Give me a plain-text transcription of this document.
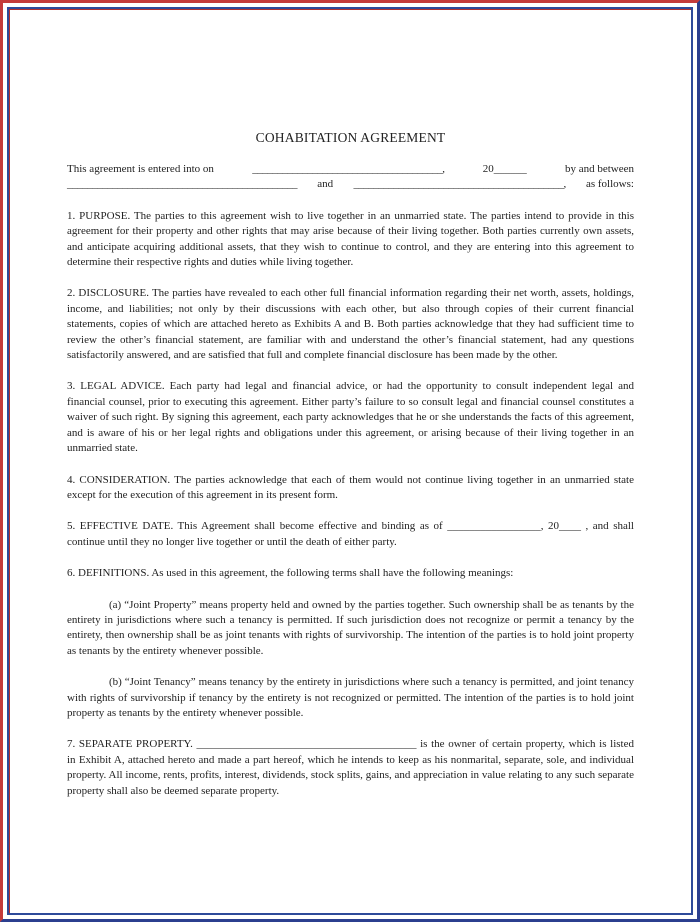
COHABITATION AGREEMENT
This agreement is entered into on	______________________________________,	20______	by and between
______________________________________________ and __________________________________________, as follows:

1. PURPOSE. The parties to this agreement wish to live together in an unmarried state. The parties intend to provide in this agreement for their property and other rights that may arise because of their living together. Both parties currently own assets, and anticipate acquiring additional assets, that they wish to continue to control, and they are entering into this agreement to determine their respective rights and duties while living together.

2. DISCLOSURE. The parties have revealed to each other full financial information regarding their net worth, assets, holdings, income, and liabilities; not only by their discussions with each other, but also through copies of their current financial statements, copies of which are attached hereto as Exhibits A and B. Both parties acknowledge that they had sufficient time to review the other’s financial statement, are familiar with and understand the other’s financial statement, had any questions satisfactorily answered, and are satisfied that full and complete financial disclosure has been made by the other.

3. LEGAL ADVICE. Each party had legal and financial advice, or had the opportunity to consult independent legal and financial counsel, prior to executing this agreement. Either party’s failure to so consult legal and financial counsel constitutes a waiver of such right. By signing this agreement, each party acknowledges that he or she understands the facts of this agreement, and is aware of his or her legal rights and obligations under this agreement, or arising because of their living together in an unmarried state.

4. CONSIDERATION. The parties acknowledge that each of them would not continue living together in an unmarried state except for the execution of this agreement in its present form.

5. EFFECTIVE DATE. This Agreement shall become effective and binding as of _________________, 20____ , and shall continue until they no longer live together or until the death of either party.

6. DEFINITIONS. As used in this agreement, the following terms shall have the following meanings:

(a) “Joint Property” means property held and owned by the parties together. Such ownership shall be as tenants by the entirety in jurisdictions where such a tenancy is permitted. If such jurisdiction does not recognize or permit a tenancy by the entirety, then ownership shall be as joint tenants with rights of survivorship. The intention of the parties is to hold joint property as tenants by the entirety whenever possible.

(b) “Joint Tenancy” means tenancy by the entirety in jurisdictions where such a tenancy is permitted, and joint tenancy with rights of survivorship if tenancy by the entirety is not recognized or permitted. The intention of the parties is to hold joint property as tenants by the entirety whenever possible.

7. SEPARATE PROPERTY. ________________________________________ is the owner of certain property, which is listed in Exhibit A, attached hereto and made a part hereof, which he intends to keep as his nonmarital, separate, sole, and individual property. All income, rents, profits, interest, dividends, stock splits, gains, and appreciation in value relating to any such separate property shall also be deemed separate property.
